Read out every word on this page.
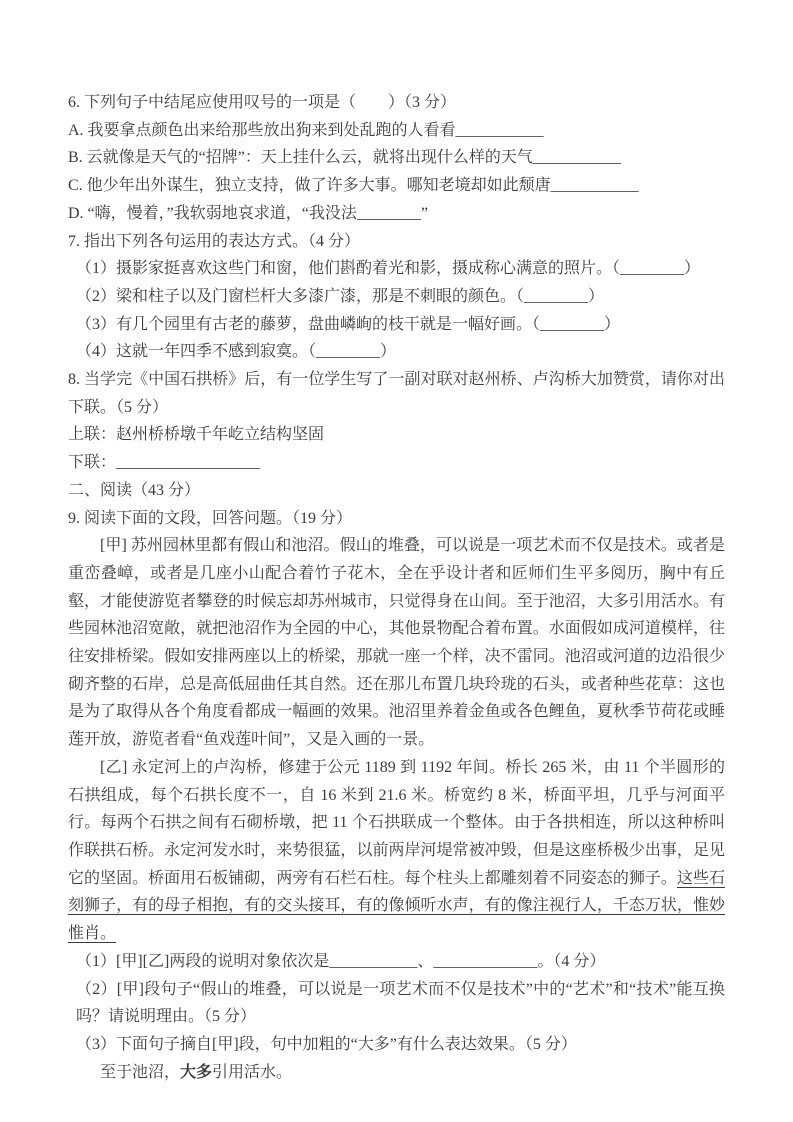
6. 下列句子中结尾应使用叹号的一项是（　　）（3 分）

A. 我要拿点颜色出来给那些放出狗来到处乱跑的人看看___________

B. 云就像是天气的“招牌”：天上挂什么云，就将出现什么样的天气___________

C. 他少年出外谋生，独立支持，做了许多大事。哪知老境却如此颓唐___________

D. “嗨，慢着，”我软弱地哀求道，“我没法________”

7. 指出下列各句运用的表达方式。（4 分）

（1）摄影家挺喜欢这些门和窗，他们斟酌着光和影，摄成称心满意的照片。（________）

（2）梁和柱子以及门窗栏杆大多漆广漆，那是不刺眼的颜色。（________）

（3）有几个园里有古老的藤萝，盘曲嶙峋的枝干就是一幅好画。（________）

（4）这就一年四季不感到寂寞。（________）

8. 当学完《中国石拱桥》后，有一位学生写了一副对联对赵州桥、卢沟桥大加赞赏，请你对出下联。（5 分）

上联：赵州桥桥墩千年屹立结构坚固

下联：__________________

二、阅读（43 分）

9. 阅读下面的文段，回答问题。（19 分）

[甲] 苏州园林里都有假山和池沼。假山的堆叠，可以说是一项艺术而不仅是技术。或者是重峦叠嶂，或者是几座小山配合着竹子花木，全在乎设计者和匠师们生平多阅历，胸中有丘壑，才能使游览者攀登的时候忘却苏州城市，只觉得身在山间。至于池沼，大多引用活水。有些园林池沼宽敞，就把池沼作为全园的中心，其他景物配合着布置。水面假如成河道模样，往往安排桥梁。假如安排两座以上的桥梁，那就一座一个样，决不雷同。池沼或河道的边沿很少砌齐整的石岸，总是高低屈曲任其自然。还在那儿布置几块玲珑的石头，或者种些花草：这也是为了取得从各个角度看都成一幅画的效果。池沼里养着金鱼或各色鲤鱼，夏秋季节荷花或睡莲开放，游览者看“鱼戏莲叶间”，又是入画的一景。

[乙] 永定河上的卢沟桥，修建于公元 1189 到 1192 年间。桥长 265 米，由 11 个半圆形的石拱组成，每个石拱长度不一，自 16 米到 21.6 米。桥宽约 8 米，桥面平坦，几乎与河面平行。每两个石拱之间有石砌桥墩，把 11 个石拱联成一个整体。由于各拱相连，所以这种桥叫作联拱石桥。永定河发水时，来势很猛，以前两岸河堤常被冲毁，但是这座桥极少出事，足见它的坚固。桥面用石板铺砌，两旁有石栏石柱。每个柱头上都雕刻着不同姿态的狮子。这些石刻狮子，有的母子相抱，有的交头接耳，有的像倾听水声，有的像注视行人，千态万状，惟妙惟肖。

（1）[甲][乙]两段的说明对象依次是___________、_____________。（4 分）

（2）[甲]段句子“假山的堆叠，可以说是一项艺术而不仅是技术”中的“艺术”和“技术”能互换吗？请说明理由。（5 分）

（3）下面句子摘自[甲]段，句中加粗的“大多”有什么表达效果。（5 分）

至于池沼，大多引用活水。
